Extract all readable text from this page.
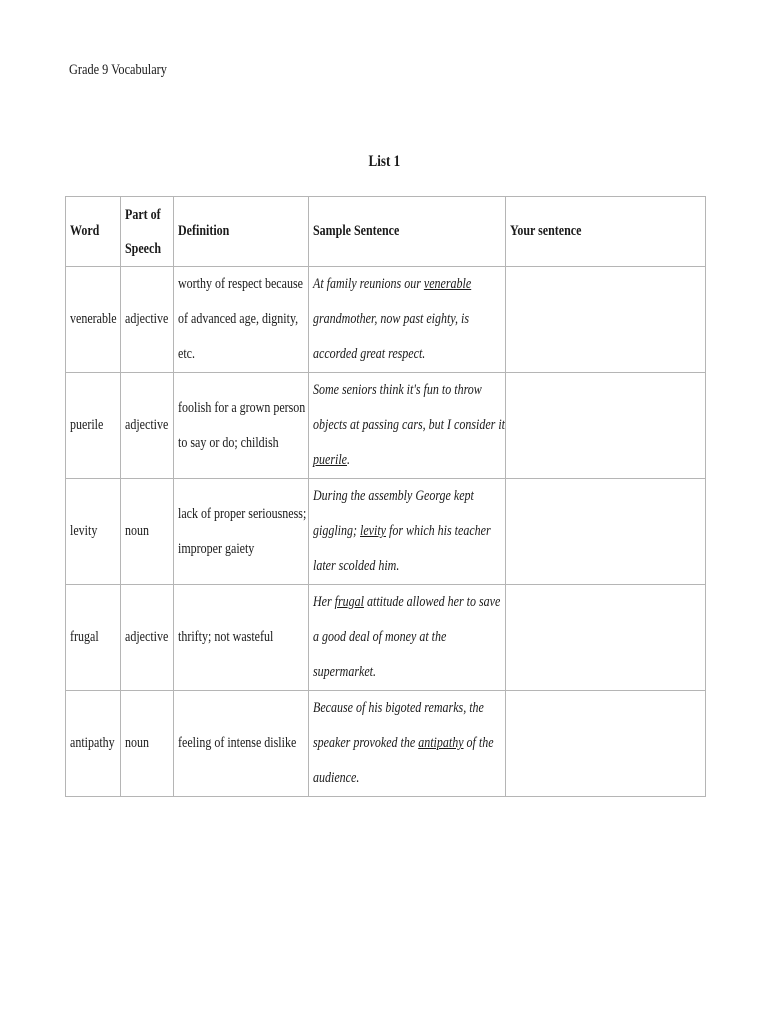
Grade 9 Vocabulary
List 1
Word	Part of Speech	Definition	Sample Sentence	Your sentence
venerable	adjective	worthy of respect because of advanced age, dignity, etc.	At family reunions our venerable grandmother, now past eighty, is accorded great respect.	

puerile	adjective	foolish for a grown person to say or do; childish	Some seniors think it's fun to throw objects at passing cars, but I consider it puerile.	

levity	noun	lack of proper seriousness; improper gaiety	During the assembly George kept giggling; levity for which his teacher later scolded him.	

frugal	adjective	thrifty; not wasteful	Her frugal attitude allowed her to save a good deal of money at the supermarket.	

antipathy	noun	feeling of intense dislike	Because of his bigoted remarks, the speaker provoked the antipathy of the audience.	
